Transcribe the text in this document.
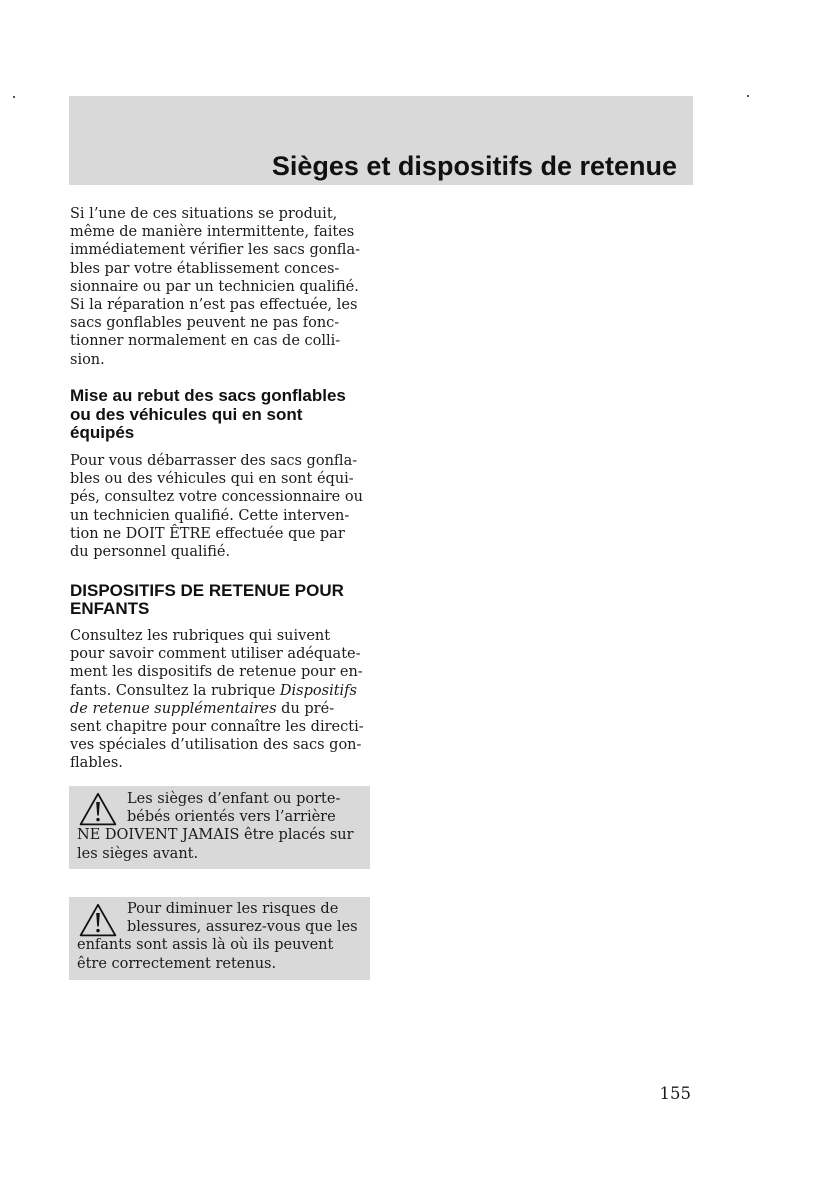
Sièges et dispositifs de retenue
Si l’une de ces situations se produit,
même de manière intermittente, faites
immédiatement vérifier les sacs gonfla-
bles par votre établissement conces-
sionnaire ou par un technicien qualifié.
Si la réparation n’est pas effectuée, les
sacs gonflables peuvent ne pas fonc-
tionner normalement en cas de colli-
sion.
Mise au rebut des sacs gonflables
ou des véhicules qui en sont
équipés
Pour vous débarrasser des sacs gonfla-
bles ou des véhicules qui en sont équi-
pés, consultez votre concessionnaire ou
un technicien qualifié. Cette interven-
tion ne DOIT ÊTRE effectuée que par
du personnel qualifié.
DISPOSITIFS DE RETENUE POUR
ENFANTS
Consultez les rubriques qui suivent
pour savoir comment utiliser adéquate-
ment les dispositifs de retenue pour en-
fants. Consultez la rubrique Dispositifs
de retenue supplémentaires du pré-
sent chapitre pour connaître les directi-
ves spéciales d’utilisation des sacs gon-
flables.
Les sièges d’enfant ou porte-
bébés orientés vers l’arrière
NE DOIVENT JAMAIS être placés sur
les sièges avant.
Pour diminuer les risques de
blessures, assurez-vous que les
enfants sont assis là où ils peuvent
être correctement retenus.
155
